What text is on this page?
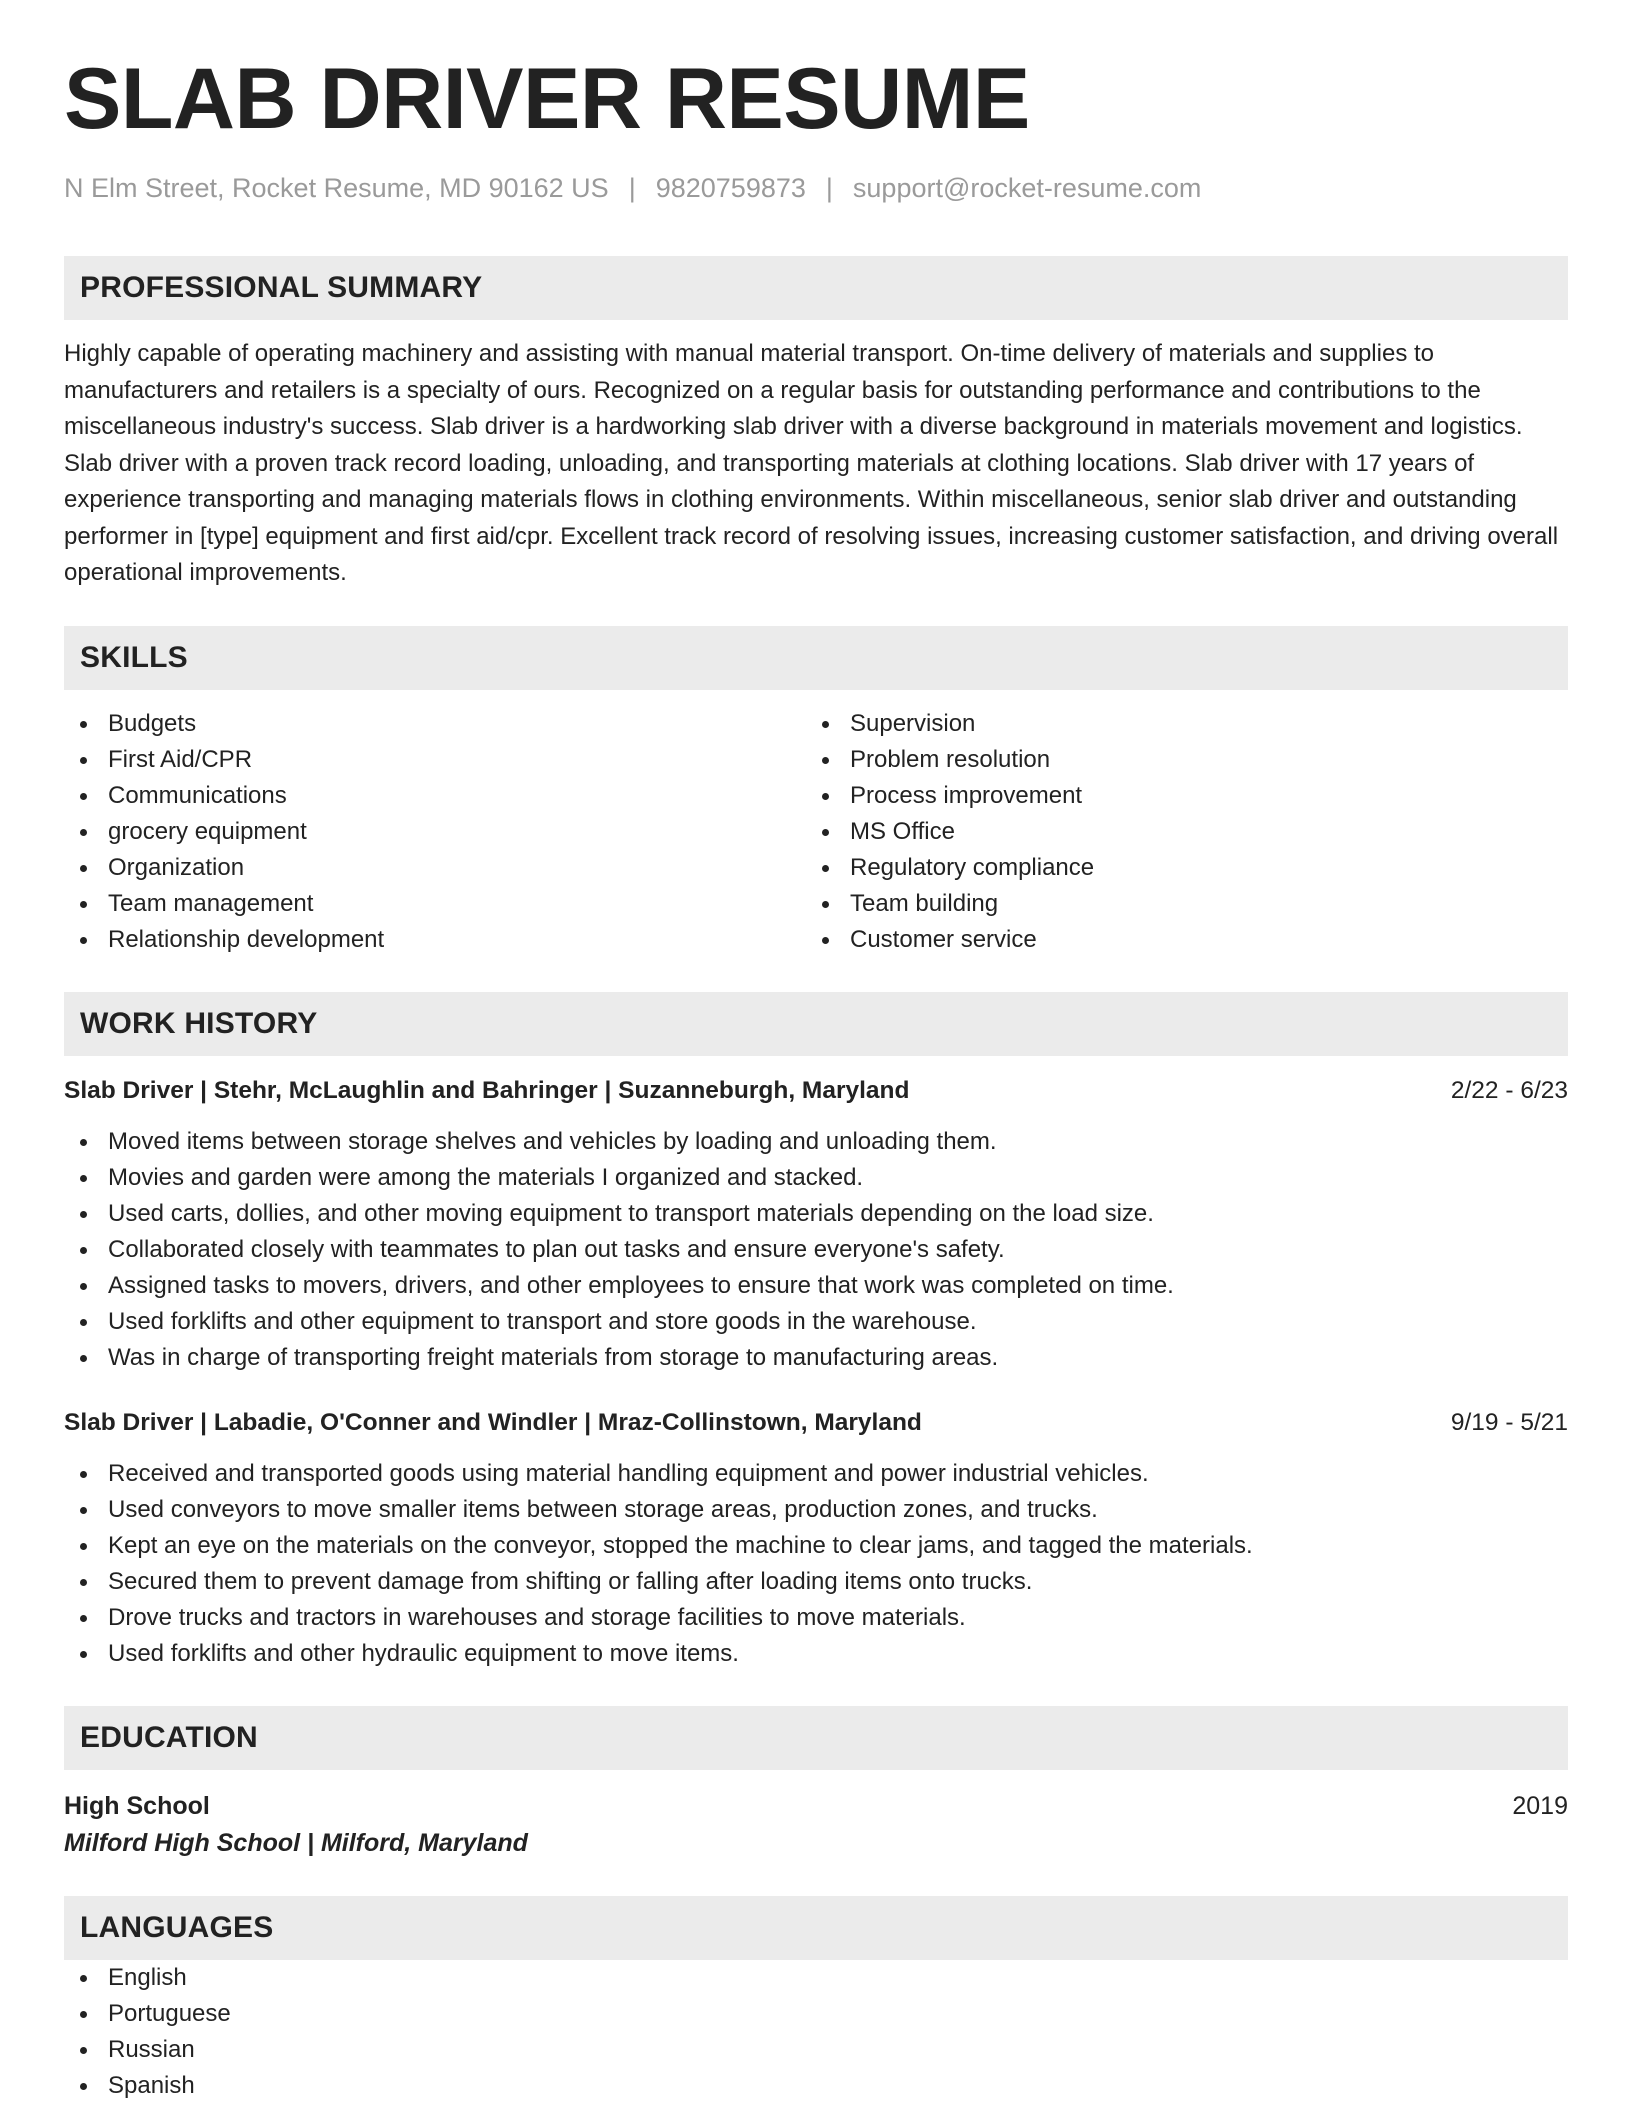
SLAB DRIVER RESUME
N Elm Street, Rocket Resume, MD 90162 US | 9820759873 | support@rocket-resume.com
PROFESSIONAL SUMMARY
Highly capable of operating machinery and assisting with manual material transport. On-time delivery of materials and supplies to manufacturers and retailers is a specialty of ours. Recognized on a regular basis for outstanding performance and contributions to the miscellaneous industry's success. Slab driver is a hardworking slab driver with a diverse background in materials movement and logistics. Slab driver with a proven track record loading, unloading, and transporting materials at clothing locations. Slab driver with 17 years of experience transporting and managing materials flows in clothing environments. Within miscellaneous, senior slab driver and outstanding performer in [type] equipment and first aid/cpr. Excellent track record of resolving issues, increasing customer satisfaction, and driving overall operational improvements.
SKILLS
Budgets
First Aid/CPR
Communications
grocery equipment
Organization
Team management
Relationship development
Supervision
Problem resolution
Process improvement
MS Office
Regulatory compliance
Team building
Customer service
WORK HISTORY
Slab Driver | Stehr, McLaughlin and Bahringer | Suzanneburgh, Maryland	2/22 - 6/23
Moved items between storage shelves and vehicles by loading and unloading them.
Movies and garden were among the materials I organized and stacked.
Used carts, dollies, and other moving equipment to transport materials depending on the load size.
Collaborated closely with teammates to plan out tasks and ensure everyone's safety.
Assigned tasks to movers, drivers, and other employees to ensure that work was completed on time.
Used forklifts and other equipment to transport and store goods in the warehouse.
Was in charge of transporting freight materials from storage to manufacturing areas.
Slab Driver | Labadie, O'Conner and Windler | Mraz-Collinstown, Maryland	9/19 - 5/21
Received and transported goods using material handling equipment and power industrial vehicles.
Used conveyors to move smaller items between storage areas, production zones, and trucks.
Kept an eye on the materials on the conveyor, stopped the machine to clear jams, and tagged the materials.
Secured them to prevent damage from shifting or falling after loading items onto trucks.
Drove trucks and tractors in warehouses and storage facilities to move materials.
Used forklifts and other hydraulic equipment to move items.
EDUCATION
High School	2019
Milford High School | Milford, Maryland
LANGUAGES
English
Portuguese
Russian
Spanish
